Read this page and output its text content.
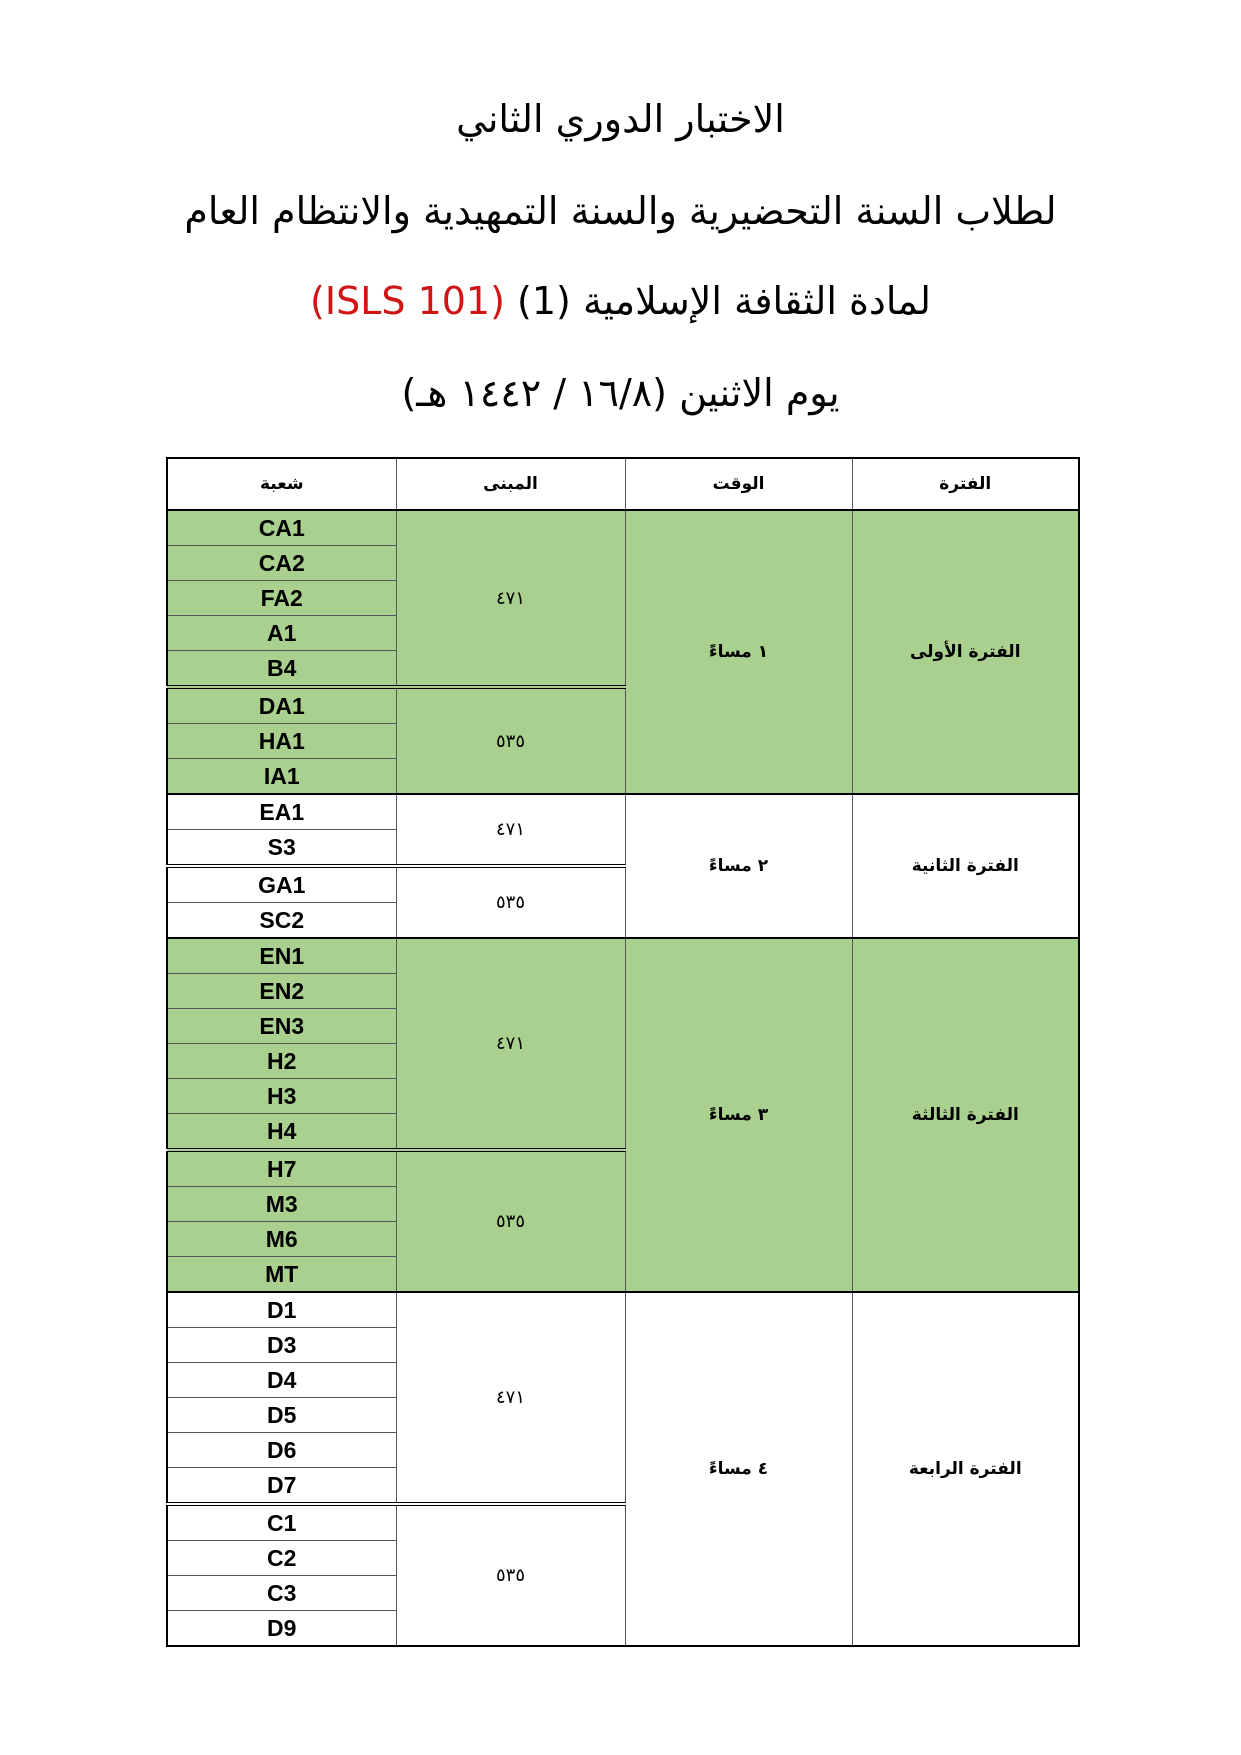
الاختبار الدوري الثاني
لطلاب السنة التحضيرية والسنة التمهيدية والانتظام العام
لمادة الثقافة الإسلامية (1) (ISLS 101)
يوم الاثنين (١٦/٨ / ١٤٤٢ هـ)
شعبة	المبنى	الوقت	الفترة
CA1	٤٧١	١ مساءً	الفترة الأولى
CA2			
FA2			
A1			
B4			
DA1	٥٣٥		
HA1			
IA1			
EA1	٤٧١	٢ مساءً	الفترة الثانية
S3			
GA1	٥٣٥		
SC2			
EN1	٤٧١	٣ مساءً	الفترة الثالثة
EN2			
EN3			
H2			
H3			
H4			
H7	٥٣٥		
M3			
M6			
MT			
D1	٤٧١	٤ مساءً	الفترة الرابعة
D3			
D4			
D5			
D6			
D7			
C1	٥٣٥		
C2			
C3			
D9			
